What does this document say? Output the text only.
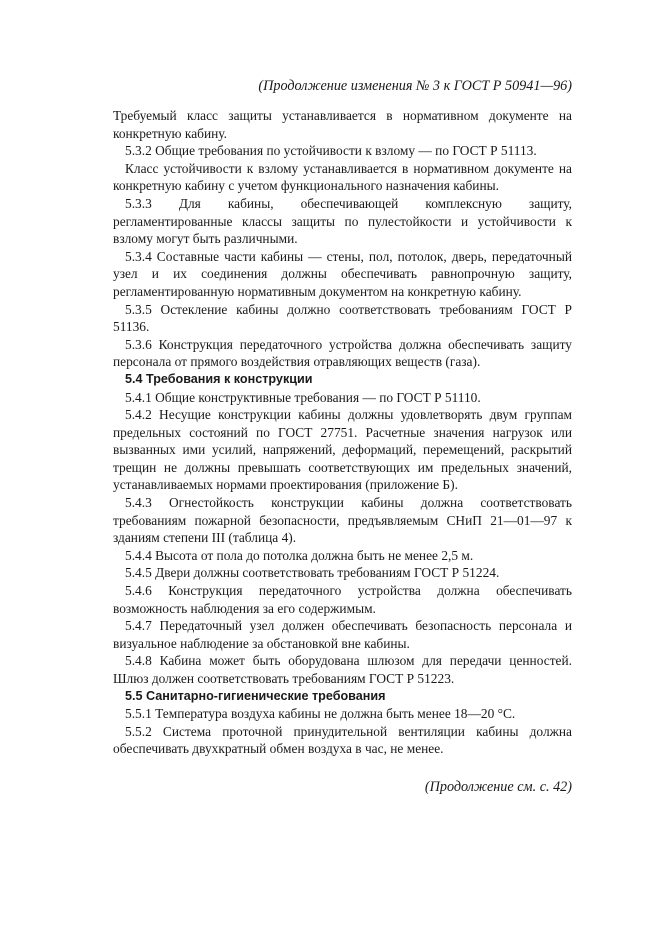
(Продолжение изменения № 3 к ГОСТ Р 50941—96)

Требуемый класс защиты устанавливается в нормативном документе на конкретную кабину.

5.3.2 Общие требования по устойчивости к взлому — по ГОСТ Р 51113.

Класс устойчивости к взлому устанавливается в нормативном документе на конкретную кабину с учетом функционального назначения кабины.

5.3.3 Для кабины, обеспечивающей комплексную защиту, регламентированные классы защиты по пулестойкости и устойчивости к взлому могут быть различными.

5.3.4 Составные части кабины — стены, пол, потолок, дверь, передаточный узел и их соединения должны обеспечивать равнопрочную защиту, регламентированную нормативным документом на конкретную кабину.

5.3.5 Остекление кабины должно соответствовать требованиям ГОСТ Р 51136.

5.3.6 Конструкция передаточного устройства должна обеспечивать защиту персонала от прямого воздействия отравляющих веществ (газа).

5.4 Требования к конструкции

5.4.1 Общие конструктивные требования — по ГОСТ Р 51110.

5.4.2 Несущие конструкции кабины должны удовлетворять двум группам предельных состояний по ГОСТ 27751. Расчетные значения нагрузок или вызванных ими усилий, напряжений, деформаций, перемещений, раскрытий трещин не должны превышать соответствующих им предельных значений, устанавливаемых нормами проектирования (приложение Б).

5.4.3 Огнестойкость конструкции кабины должна соответствовать требованиям пожарной безопасности, предъявляемым СНиП 21—01—97 к зданиям степени III (таблица 4).

5.4.4 Высота от пола до потолка должна быть не менее 2,5 м.

5.4.5 Двери должны соответствовать требованиям ГОСТ Р 51224.

5.4.6 Конструкция передаточного устройства должна обеспечивать возможность наблюдения за его содержимым.

5.4.7 Передаточный узел должен обеспечивать безопасность персонала и визуальное наблюдение за обстановкой вне кабины.

5.4.8 Кабина может быть оборудована шлюзом для передачи ценностей. Шлюз должен соответствовать требованиям ГОСТ Р 51223.

5.5 Санитарно-гигиенические требования

5.5.1 Температура воздуха кабины не должна быть менее 18—20 °С.

5.5.2 Система проточной принудительной вентиляции кабины должна обеспечивать двухкратный обмен воздуха в час, не менее.

(Продолжение см. с. 42)
